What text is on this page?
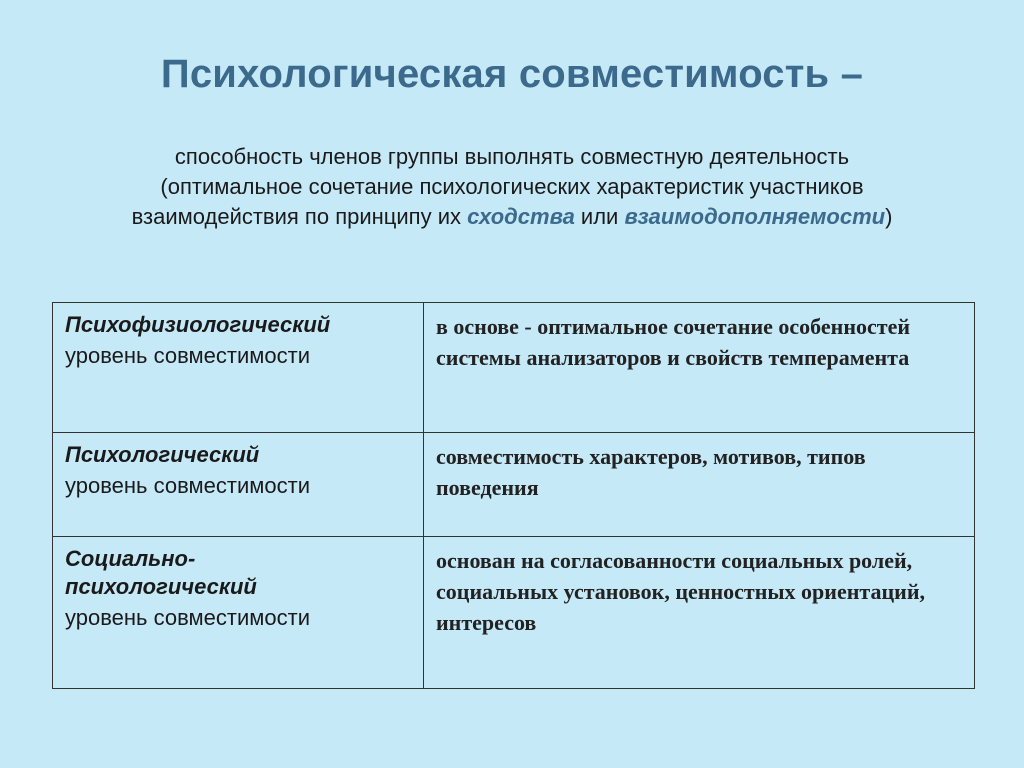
Психологическая совместимость –

способность членов группы выполнять совместную деятельность
(оптимальное сочетание психологических характеристик участников
взаимодействия по принципу их сходства или взаимодополняемости)

Психофизиологический
уровень совместимости	в основе - оптимальное сочетание особенностей системы анализаторов и свойств темперамента

Психологический
уровень совместимости	совместимость характеров, мотивов, типов поведения

Социально-психологический
уровень совместимости	основан на согласованности социальных ролей, социальных установок, ценностных ориентаций, интересов
